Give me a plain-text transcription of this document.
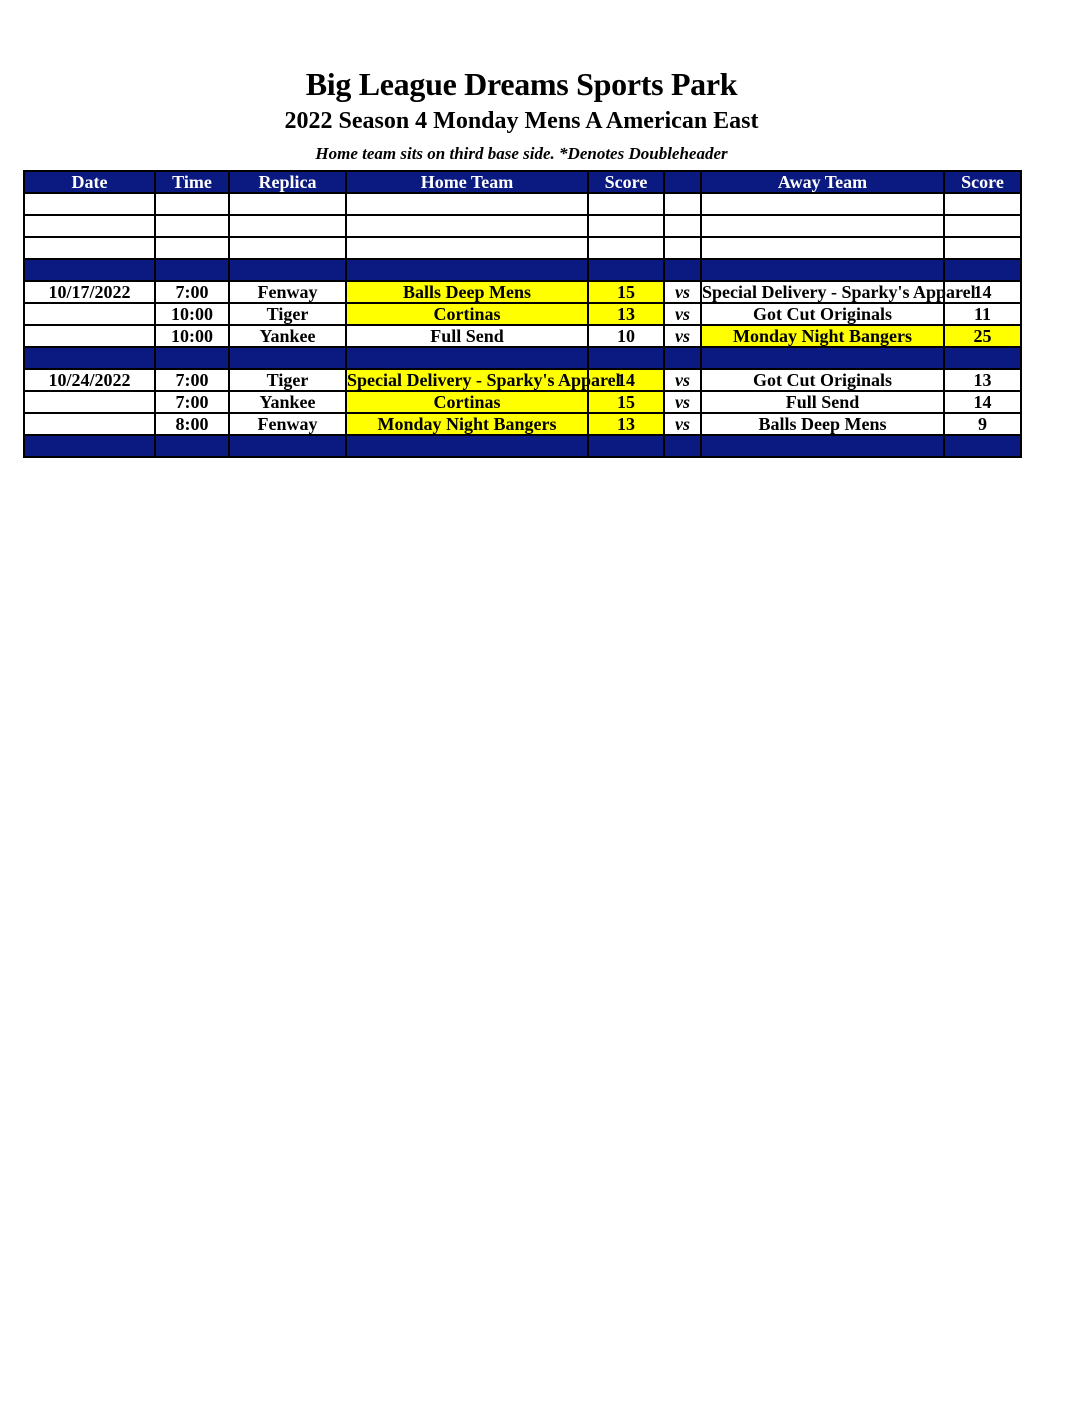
Big League Dreams Sports Park
2022 Season 4 Monday Mens A American East
Home team sits on third base side. *Denotes Doubleheader
Date	Time	Replica	Home Team	Score		Away Team	Score

10/17/2022	7:00	Fenway	Balls Deep Mens	15	vs	Special Delivery - Sparky's Apparel	14
	10:00	Tiger	Cortinas	13	vs	Got Cut Originals	11
	10:00	Yankee	Full Send	10	vs	Monday Night Bangers	25

10/24/2022	7:00	Tiger	Special Delivery - Sparky's Apparel	14	vs	Got Cut Originals	13
	7:00	Yankee	Cortinas	15	vs	Full Send	14
	8:00	Fenway	Monday Night Bangers	13	vs	Balls Deep Mens	9
